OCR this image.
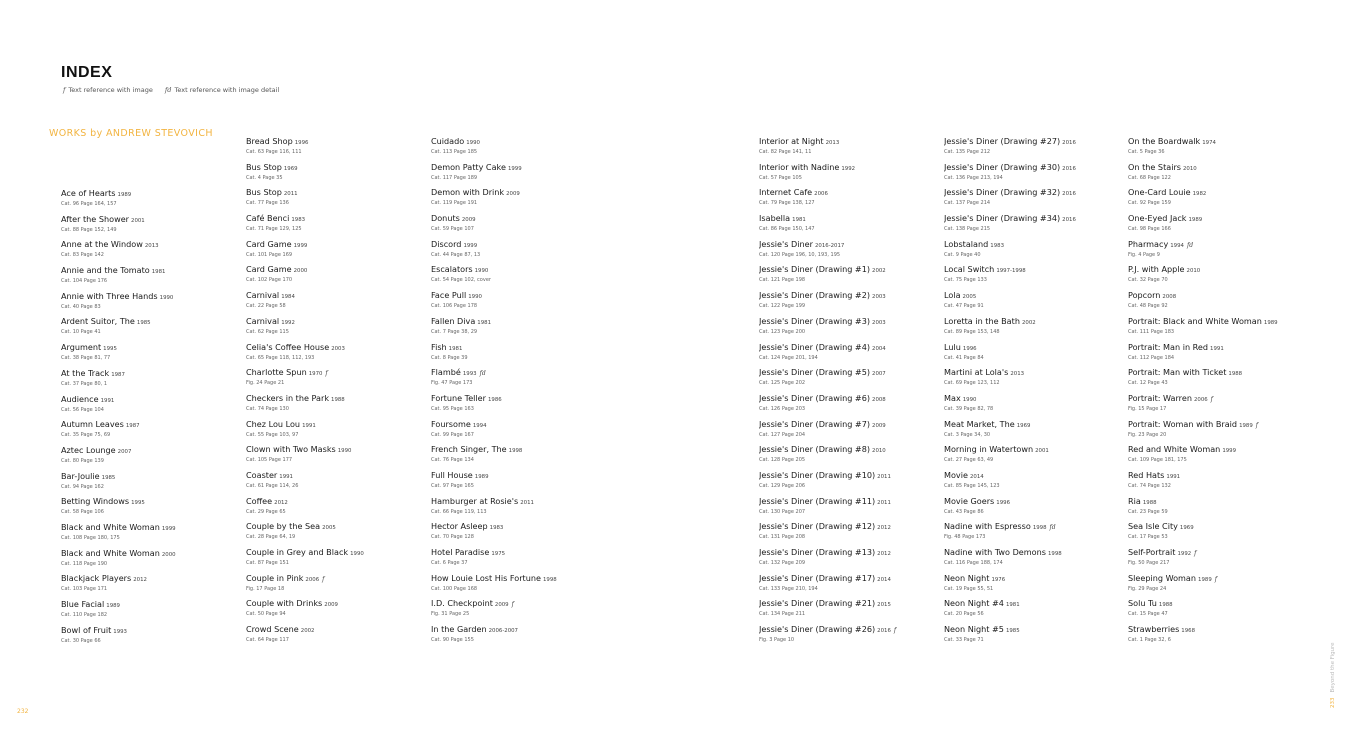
INDEX
f Text reference with image fd Text reference with image detail
WORKS by ANDREW STEVOVICH
Ace of Hearts 1989
Cat. 96 Page 164, 157
After the Shower 2001
Cat. 88 Page 152, 149
Anne at the Window 2013
Cat. 83 Page 142
Annie and the Tomato 1981
Cat. 104 Page 176
Annie with Three Hands 1990
Cat. 40 Page 83
Ardent Suitor, The 1985
Cat. 10 Page 41
Argument 1995
Cat. 38 Page 81, 77
At the Track 1987
Cat. 37 Page 80, 1
Audience 1991
Cat. 56 Page 104
Autumn Leaves 1987
Cat. 35 Page 75, 69
Aztec Lounge 2007
Cat. 80 Page 139
Bar-Joulie 1985
Cat. 94 Page 162
Betting Windows 1995
Cat. 58 Page 106
Black and White Woman 1999
Cat. 108 Page 180, 175
Black and White Woman 2000
Cat. 118 Page 190
Blackjack Players 2012
Cat. 103 Page 171
Blue Facial 1989
Cat. 110 Page 182
Bowl of Fruit 1993
Cat. 30 Page 66
Bread Shop 1996
Cat. 63 Page 116, 111
Bus Stop 1969
Cat. 4 Page 35
Bus Stop 2011
Cat. 77 Page 136
Café Benci 1983
Cat. 71 Page 129, 125
Card Game 1999
Cat. 101 Page 169
Card Game 2000
Cat. 102 Page 170
Carnival 1984
Cat. 22 Page 58
Carnival 1992
Cat. 62 Page 115
Celia's Coffee House 2003
Cat. 65 Page 118, 112, 193
Charlotte Spun 1970 f
Fig. 24 Page 21
Checkers in the Park 1988
Cat. 74 Page 130
Chez Lou Lou 1991
Cat. 55 Page 103, 97
Clown with Two Masks 1990
Cat. 105 Page 177
Coaster 1991
Cat. 61 Page 114, 26
Coffee 2012
Cat. 29 Page 65
Couple by the Sea 2005
Cat. 28 Page 64, 19
Couple in Grey and Black 1990
Cat. 87 Page 151
Couple in Pink 2006 f
Fig. 17 Page 18
Couple with Drinks 2009
Cat. 50 Page 94
Crowd Scene 2002
Cat. 64 Page 117
Cuidado 1990
Cat. 113 Page 185
Demon Patty Cake 1999
Cat. 117 Page 189
Demon with Drink 2009
Cat. 119 Page 191
Donuts 2009
Cat. 59 Page 107
Discord 1999
Cat. 44 Page 87, 13
Escalators 1990
Cat. 54 Page 102, cover
Face Pull 1990
Cat. 106 Page 178
Fallen Diva 1981
Cat. 7 Page 38, 29
Fish 1981
Cat. 8 Page 39
Flambé 1993 fd
Fig. 47 Page 173
Fortune Teller 1986
Cat. 95 Page 163
Foursome 1994
Cat. 99 Page 167
French Singer, The 1998
Cat. 76 Page 134
Full House 1989
Cat. 97 Page 165
Hamburger at Rosie's 2011
Cat. 66 Page 119, 113
Hector Asleep 1983
Cat. 70 Page 128
Hotel Paradise 1975
Cat. 6 Page 37
How Louie Lost His Fortune 1998
Cat. 100 Page 168
I.D. Checkpoint 2009 f
Fig. 31 Page 25
In the Garden 2006-2007
Cat. 90 Page 155
Interior at Night 2013
Cat. 82 Page 141, 11
Interior with Nadine 1992
Cat. 57 Page 105
Internet Cafe 2006
Cat. 79 Page 138, 127
Isabella 1981
Cat. 86 Page 150, 147
Jessie's Diner 2016-2017
Cat. 120 Page 196, 10, 193, 195
Jessie's Diner (Drawing #1) 2002
Cat. 121 Page 198
Jessie's Diner (Drawing #2) 2003
Cat. 122 Page 199
Jessie's Diner (Drawing #3) 2003
Cat. 123 Page 200
Jessie's Diner (Drawing #4) 2004
Cat. 124 Page 201, 194
Jessie's Diner (Drawing #5) 2007
Cat. 125 Page 202
Jessie's Diner (Drawing #6) 2008
Cat. 126 Page 203
Jessie's Diner (Drawing #7) 2009
Cat. 127 Page 204
Jessie's Diner (Drawing #8) 2010
Cat. 128 Page 205
Jessie's Diner (Drawing #10) 2011
Cat. 129 Page 206
Jessie's Diner (Drawing #11) 2011
Cat. 130 Page 207
Jessie's Diner (Drawing #12) 2012
Cat. 131 Page 208
Jessie's Diner (Drawing #13) 2012
Cat. 132 Page 209
Jessie's Diner (Drawing #17) 2014
Cat. 133 Page 210, 194
Jessie's Diner (Drawing #21) 2015
Cat. 134 Page 211
Jessie's Diner (Drawing #26) 2016 f
Fig. 3 Page 10
Jessie's Diner (Drawing #27) 2016
Cat. 135 Page 212
Jessie's Diner (Drawing #30) 2016
Cat. 136 Page 213, 194
Jessie's Diner (Drawing #32) 2016
Cat. 137 Page 214
Jessie's Diner (Drawing #34) 2016
Cat. 138 Page 215
Lobstaland 1983
Cat. 9 Page 40
Local Switch 1997-1998
Cat. 75 Page 133
Lola 2005
Cat. 47 Page 91
Loretta in the Bath 2002
Cat. 89 Page 153, 148
Lulu 1996
Cat. 41 Page 84
Martini at Lola's 2013
Cat. 69 Page 123, 112
Max 1990
Cat. 39 Page 82, 78
Meat Market, The 1969
Cat. 3 Page 34, 30
Morning in Watertown 2001
Cat. 27 Page 63, 49
Movie 2014
Cat. 85 Page 145, 123
Movie Goers 1996
Cat. 43 Page 86
Nadine with Espresso 1998 fd
Fig. 48 Page 173
Nadine with Two Demons 1998
Cat. 116 Page 188, 174
Neon Night 1976
Cat. 19 Page 55, 51
Neon Night #4 1981
Cat. 20 Page 56
Neon Night #5 1985
Cat. 33 Page 71
On the Boardwalk 1974
Cat. 5 Page 36
On the Stairs 2010
Cat. 68 Page 122
One-Card Louie 1982
Cat. 92 Page 159
One-Eyed Jack 1989
Cat. 98 Page 166
Pharmacy 1994 fd
Fig. 4 Page 9
P.J. with Apple 2010
Cat. 32 Page 70
Popcorn 2008
Cat. 48 Page 92
Portrait: Black and White Woman 1989
Cat. 111 Page 183
Portrait: Man in Red 1991
Cat. 112 Page 184
Portrait: Man with Ticket 1988
Cat. 12 Page 43
Portrait: Warren 2006 f
Fig. 15 Page 17
Portrait: Woman with Braid 1989 f
Fig. 23 Page 20
Red and White Woman 1999
Cat. 109 Page 181, 175
Red Hats 1991
Cat. 74 Page 132
Ria 1988
Cat. 23 Page 59
Sea Isle City 1969
Cat. 17 Page 53
Self-Portrait 1992 f
Fig. 50 Page 217
Sleeping Woman 1989 f
Fig. 29 Page 24
Solu Tu 1988
Cat. 15 Page 47
Strawberries 1968
Cat. 1 Page 32, 6
232
233Beyond the Figure
